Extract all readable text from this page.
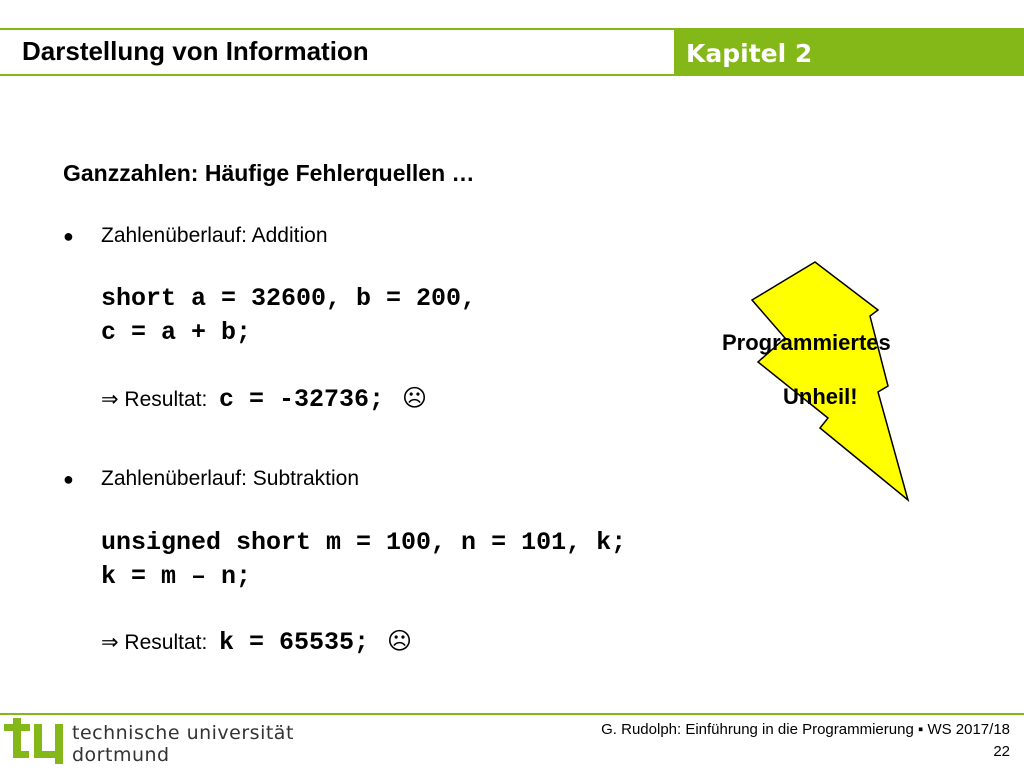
Darstellung von Information	Kapitel 2
Ganzzahlen: Häufige Fehlerquellen …
● Zahlenüberlauf: Addition
short a = 32600, b = 200,
c = a + b;
⇒ Resultat: c = -32736; ☹
● Zahlenüberlauf: Subtraktion
unsigned short m = 100, n = 101, k;
k = m – n;
⇒ Resultat: k = 65535; ☹
Programmiertes
Unheil!
technische universität
dortmund
G. Rudolph: Einführung in die Programmierung ▪ WS 2017/18
22
